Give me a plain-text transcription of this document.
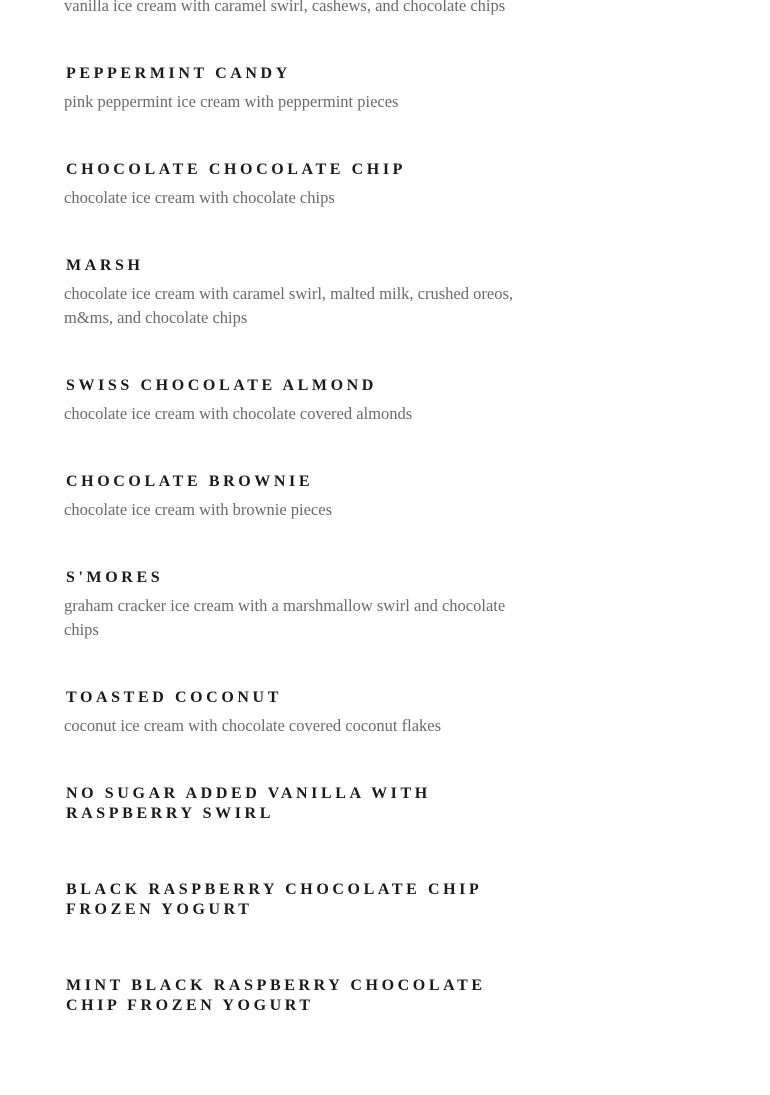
vanilla ice cream with caramel swirl, cashews, and chocolate chips

PEPPERMINT CANDY

pink peppermint ice cream with peppermint pieces

CHOCOLATE CHOCOLATE CHIP

chocolate ice cream with chocolate chips

MARSH

chocolate ice cream with caramel swirl, malted milk, crushed oreos, m&ms, and chocolate chips

SWISS CHOCOLATE ALMOND

chocolate ice cream with chocolate covered almonds

CHOCOLATE BROWNIE

chocolate ice cream with brownie pieces

S'MORES

graham cracker ice cream with a marshmallow swirl and chocolate chips

TOASTED COCONUT

coconut ice cream with chocolate covered coconut flakes

NO SUGAR ADDED VANILLA WITH RASPBERRY SWIRL
BLACK RASPBERRY CHOCOLATE CHIP FROZEN YOGURT
MINT BLACK RASPBERRY CHOCOLATE CHIP FROZEN YOGURT
